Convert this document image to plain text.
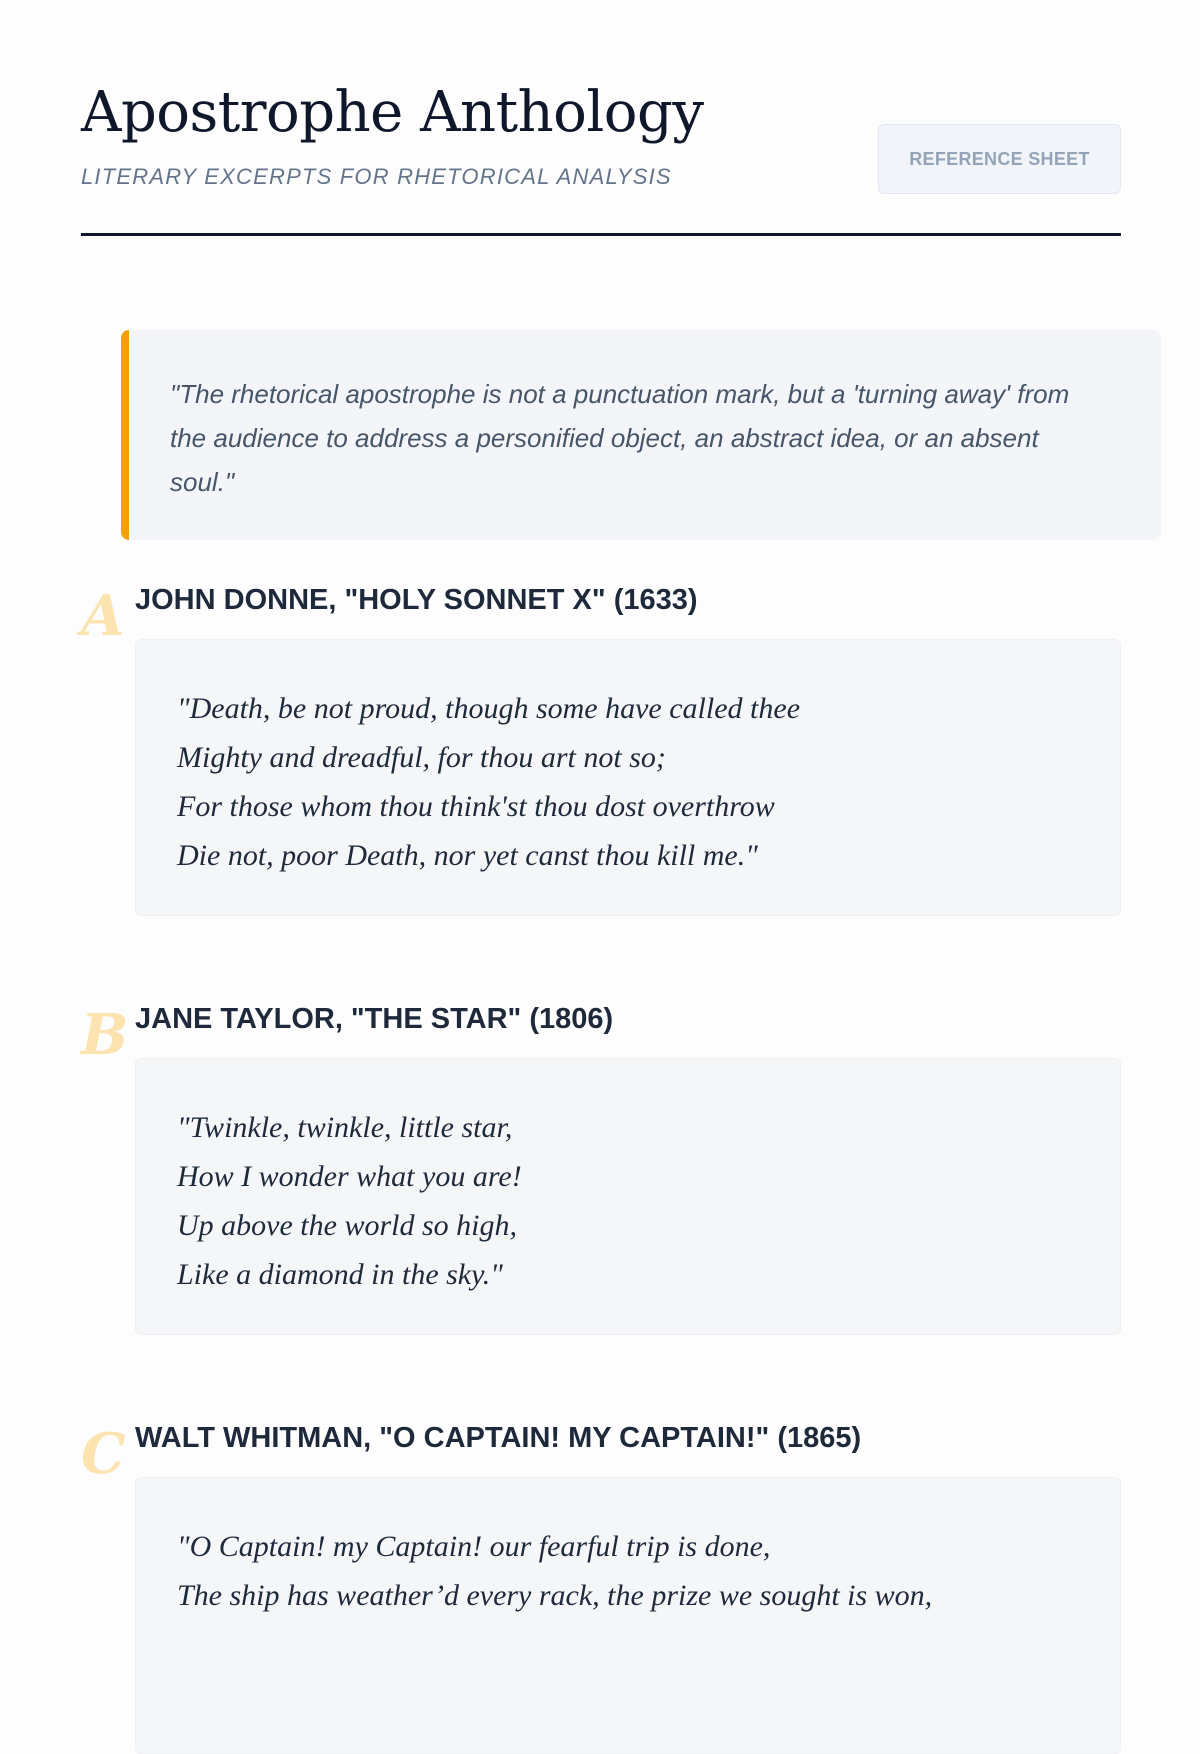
Apostrophe Anthology

LITERARY EXCERPTS FOR RHETORICAL ANALYSIS

REFERENCE SHEET
"The rhetorical apostrophe is not a punctuation mark, but a 'turning away' from the audience to address a personified object, an abstract idea, or an absent soul."
A JOHN DONNE, "HOLY SONNET X" (1633)
"Death, be not proud, though some have called thee
Mighty and dreadful, for thou art not so;
For those whom thou think'st thou dost overthrow
Die not, poor Death, nor yet canst thou kill me."
B JANE TAYLOR, "THE STAR" (1806)
"Twinkle, twinkle, little star,
How I wonder what you are!
Up above the world so high,
Like a diamond in the sky."
C WALT WHITMAN, "O CAPTAIN! MY CAPTAIN!" (1865)
"O Captain! my Captain! our fearful trip is done,
The ship has weather’d every rack, the prize we sought is won,
